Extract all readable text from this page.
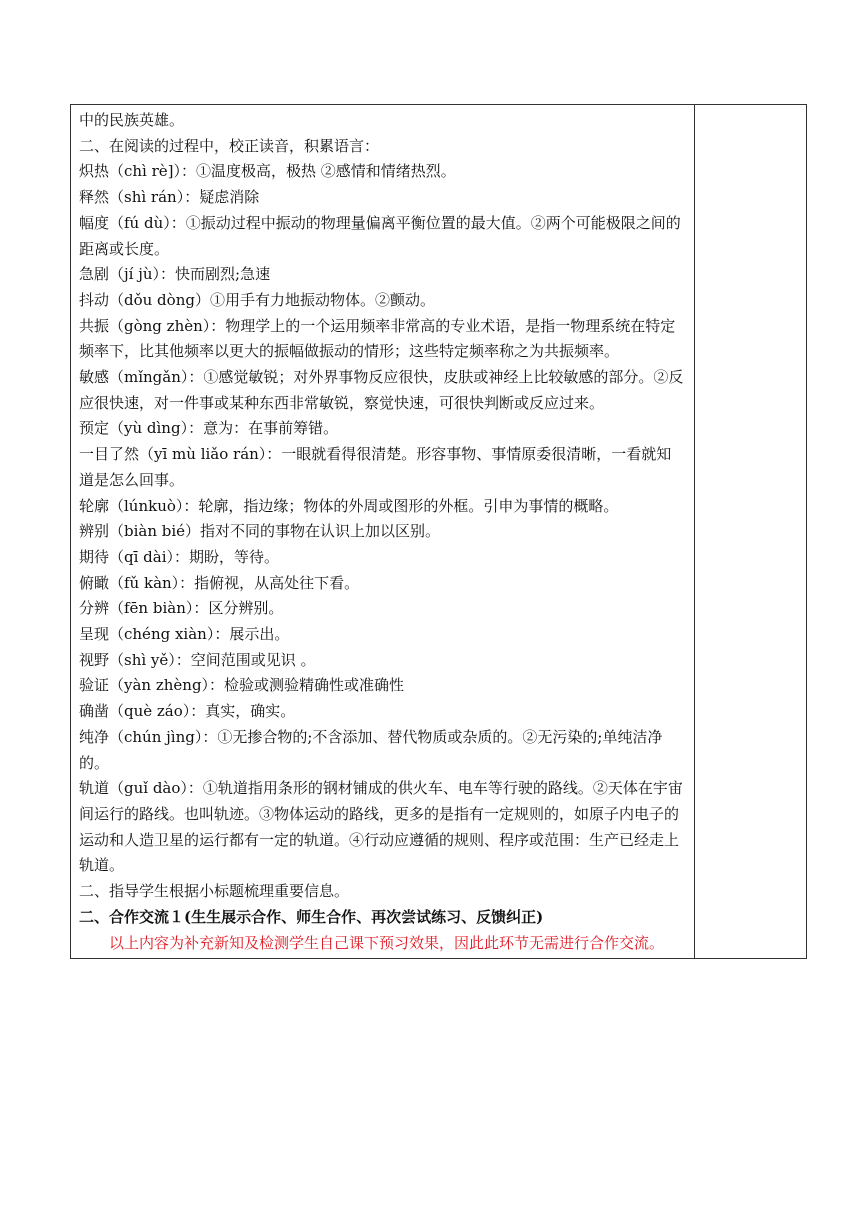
中的民族英雄。
二、在阅读的过程中，校正读音，积累语言：
炽热（chì rè]）：①温度极高，极热 ②感情和情绪热烈。
释然（shì rán）：疑虑消除
幅度（fú dù）：①振动过程中振动的物理量偏离平衡位置的最大值。②两个可能极限之间的距离或长度。
急剧（jí jù）：快而剧烈;急速
抖动（dǒu dòng）①用手有力地振动物体。②颤动。
共振（gòng zhèn）：物理学上的一个运用频率非常高的专业术语，是指一物理系统在特定频率下，比其他频率以更大的振幅做振动的情形；这些特定频率称之为共振频率。
敏感（mǐngǎn）：①感觉敏锐；对外界事物反应很快，皮肤或神经上比较敏感的部分。②反应很快速，对一件事或某种东西非常敏锐，察觉快速，可很快判断或反应过来。
预定（yù dìng）：意为：在事前筹错。
一目了然（yī mù liǎo rán）：一眼就看得很清楚。形容事物、事情原委很清晰，一看就知道是怎么回事。
轮廓（lúnkuò）：轮廓，指边缘；物体的外周或图形的外框。引申为事情的概略。
辨别（biàn bié）指对不同的事物在认识上加以区别。
期待（qī dài）：期盼，等待。
俯瞰（fǔ kàn）：指俯视，从高处往下看。
分辨（fēn biàn）：区分辨别。
呈现（chéng xiàn）：展示出。
视野（shì yě）：空间范围或见识 。
验证（yàn zhèng）：检验或测验精确性或准确性
确凿（què záo）：真实，确实。
纯净（chún jìng）：①无掺合物的;不含添加、替代物质或杂质的。②无污染的;单纯洁净的。
轨道（guǐ dào）：①轨道指用条形的钢材铺成的供火车、电车等行驶的路线。②天体在宇宙间运行的路线。也叫轨迹。③物体运动的路线，更多的是指有一定规则的，如原子内电子的运动和人造卫星的运行都有一定的轨道。④行动应遵循的规则、程序或范围：生产已经走上轨道。
二、指导学生根据小标题梳理重要信息。
二、合作交流１(生生展示合作、师生合作、再次尝试练习、反馈纠正)
以上内容为补充新知及检测学生自己课下预习效果，因此此环节无需进行合作交流。
